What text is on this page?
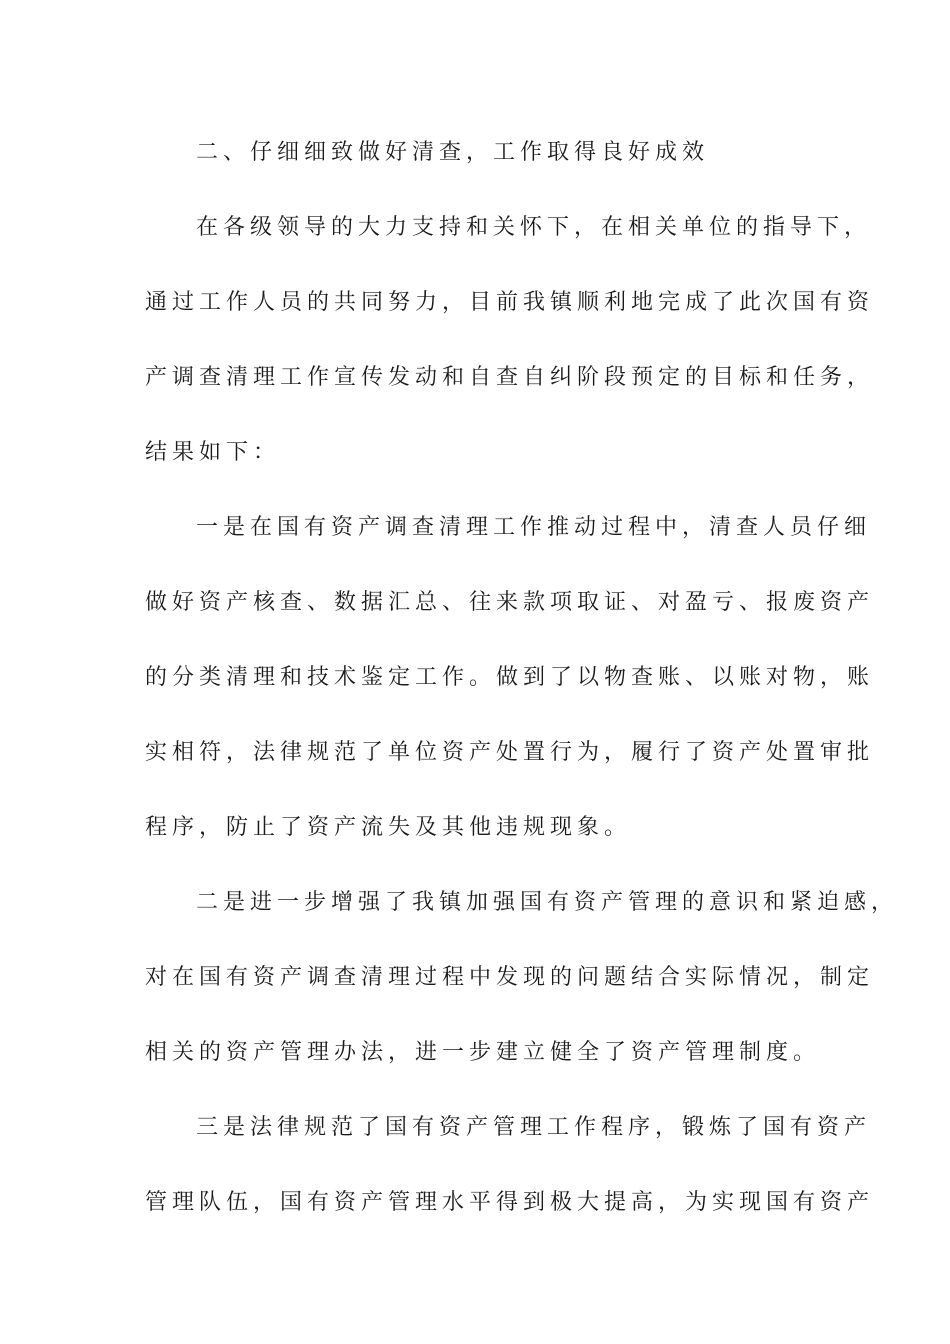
二、仔细细致做好清查，工作取得良好成效
在各级领导的大力支持和关怀下，在相关单位的指导下，
通过工作人员的共同努力，目前我镇顺利地完成了此次国有资
产调查清理工作宣传发动和自查自纠阶段预定的目标和任务，
结果如下：
一是在国有资产调查清理工作推动过程中，清查人员仔细
做好资产核查、数据汇总、往来款项取证、对盈亏、报废资产
的分类清理和技术鉴定工作。做到了以物查账、以账对物，账
实相符，法律规范了单位资产处置行为，履行了资产处置审批
程序，防止了资产流失及其他违规现象。
二是进一步增强了我镇加强国有资产管理的意识和紧迫感，
对在国有资产调查清理过程中发现的问题结合实际情况，制定
相关的资产管理办法，进一步建立健全了资产管理制度。
三是法律规范了国有资产管理工作程序，锻炼了国有资产
管理队伍，国有资产管理水平得到极大提高，为实现国有资产
